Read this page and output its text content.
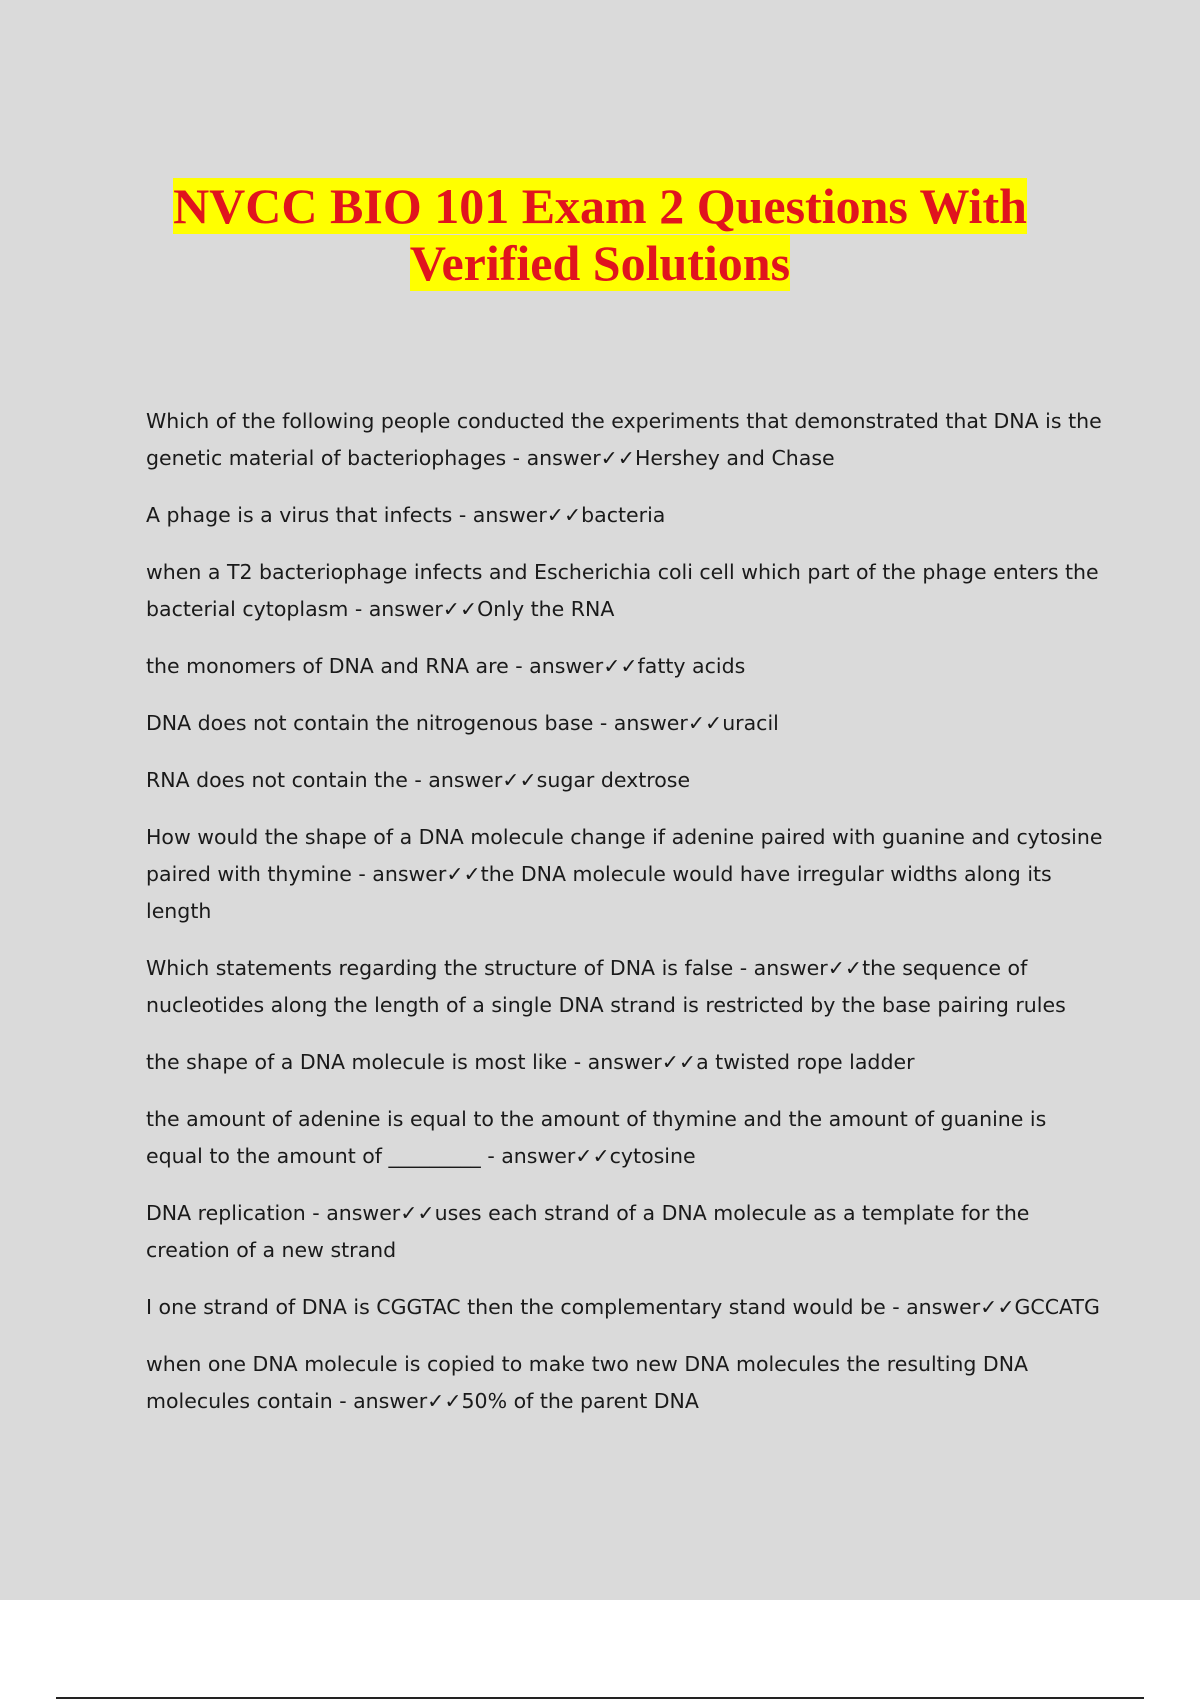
NVCC BIO 101 Exam 2 Questions With
Verified Solutions
Which of the following people conducted the experiments that demonstrated that DNA is the genetic material of bacteriophages - answer✓✓Hershey and Chase
A phage is a virus that infects - answer✓✓bacteria
when a T2 bacteriophage infects and Escherichia coli cell which part of the phage enters the bacterial cytoplasm - answer✓✓Only the RNA
the monomers of DNA and RNA are - answer✓✓fatty acids
DNA does not contain the nitrogenous base - answer✓✓uracil
RNA does not contain the - answer✓✓sugar dextrose
How would the shape of a DNA molecule change if adenine paired with guanine and cytosine paired with thymine - answer✓✓the DNA molecule would have irregular widths along its length
Which statements regarding the structure of DNA is false - answer✓✓the sequence of nucleotides along the length of a single DNA strand is restricted by the base pairing rules
the shape of a DNA molecule is most like - answer✓✓a twisted rope ladder
the amount of adenine is equal to the amount of thymine and the amount of guanine is equal to the amount of _________ - answer✓✓cytosine
DNA replication - answer✓✓uses each strand of a DNA molecule as a template for the creation of a new strand
I one strand of DNA is CGGTAC then the complementary stand would be - answer✓✓GCCATG
when one DNA molecule is copied to make two new DNA molecules the resulting DNA molecules contain - answer✓✓50% of the parent DNA
